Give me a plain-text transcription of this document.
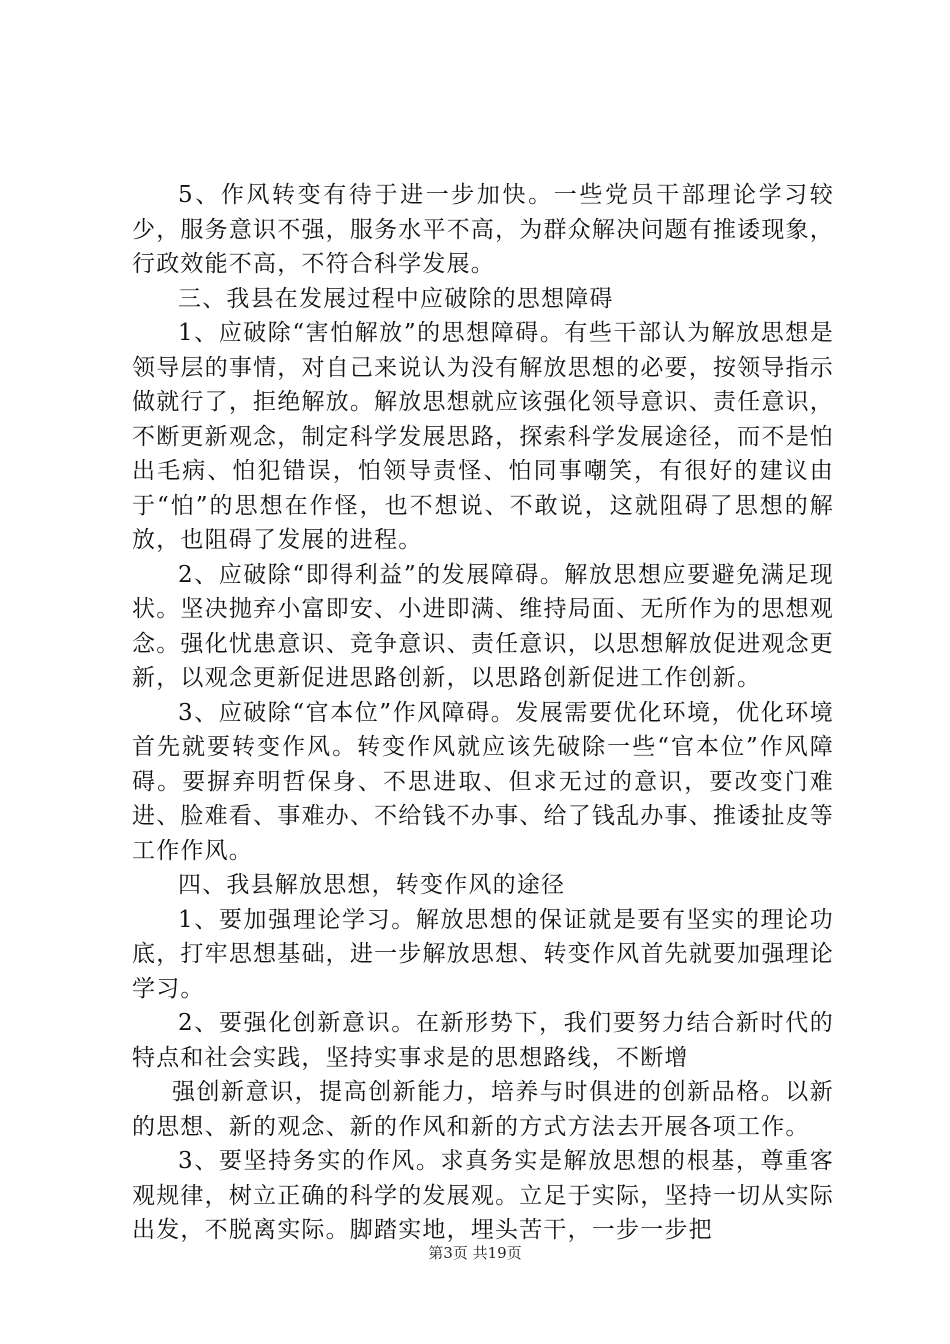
5、作风转变有待于进一步加快。一些党员干部理论学习较少，服务意识不强，服务水平不高，为群众解决问题有推诿现象，行政效能不高，不符合科学发展。

三、我县在发展过程中应破除的思想障碍

1、应破除“害怕解放”的思想障碍。有些干部认为解放思想是领导层的事情，对自己来说认为没有解放思想的必要，按领导指示做就行了，拒绝解放。解放思想就应该强化领导意识、责任意识，不断更新观念，制定科学发展思路，探索科学发展途径，而不是怕出毛病、怕犯错误，怕领导责怪、怕同事嘲笑，有很好的建议由于“怕”的思想在作怪，也不想说、不敢说，这就阻碍了思想的解放，也阻碍了发展的进程。

2、应破除“即得利益”的发展障碍。解放思想应要避免满足现状。坚决抛弃小富即安、小进即满、维持局面、无所作为的思想观念。强化忧患意识、竞争意识、责任意识，以思想解放促进观念更新，以观念更新促进思路创新，以思路创新促进工作创新。

3、应破除“官本位”作风障碍。发展需要优化环境，优化环境首先就要转变作风。转变作风就应该先破除一些“官本位”作风障碍。要摒弃明哲保身、不思进取、但求无过的意识，要改变门难进、脸难看、事难办、不给钱不办事、给了钱乱办事、推诿扯皮等工作作风。

四、我县解放思想，转变作风的途径

1、要加强理论学习。解放思想的保证就是要有坚实的理论功底，打牢思想基础，进一步解放思想、转变作风首先就要加强理论学习。

2、要强化创新意识。在新形势下，我们要努力结合新时代的特点和社会实践，坚持实事求是的思想路线，不断增

强创新意识，提高创新能力，培养与时俱进的创新品格。以新的思想、新的观念、新的作风和新的方式方法去开展各项工作。

3、要坚持务实的作风。求真务实是解放思想的根基，尊重客观规律，树立正确的科学的发展观。立足于实际，坚持一切从实际出发，不脱离实际。脚踏实地，埋头苦干，一步一步把

第3页 共19页
